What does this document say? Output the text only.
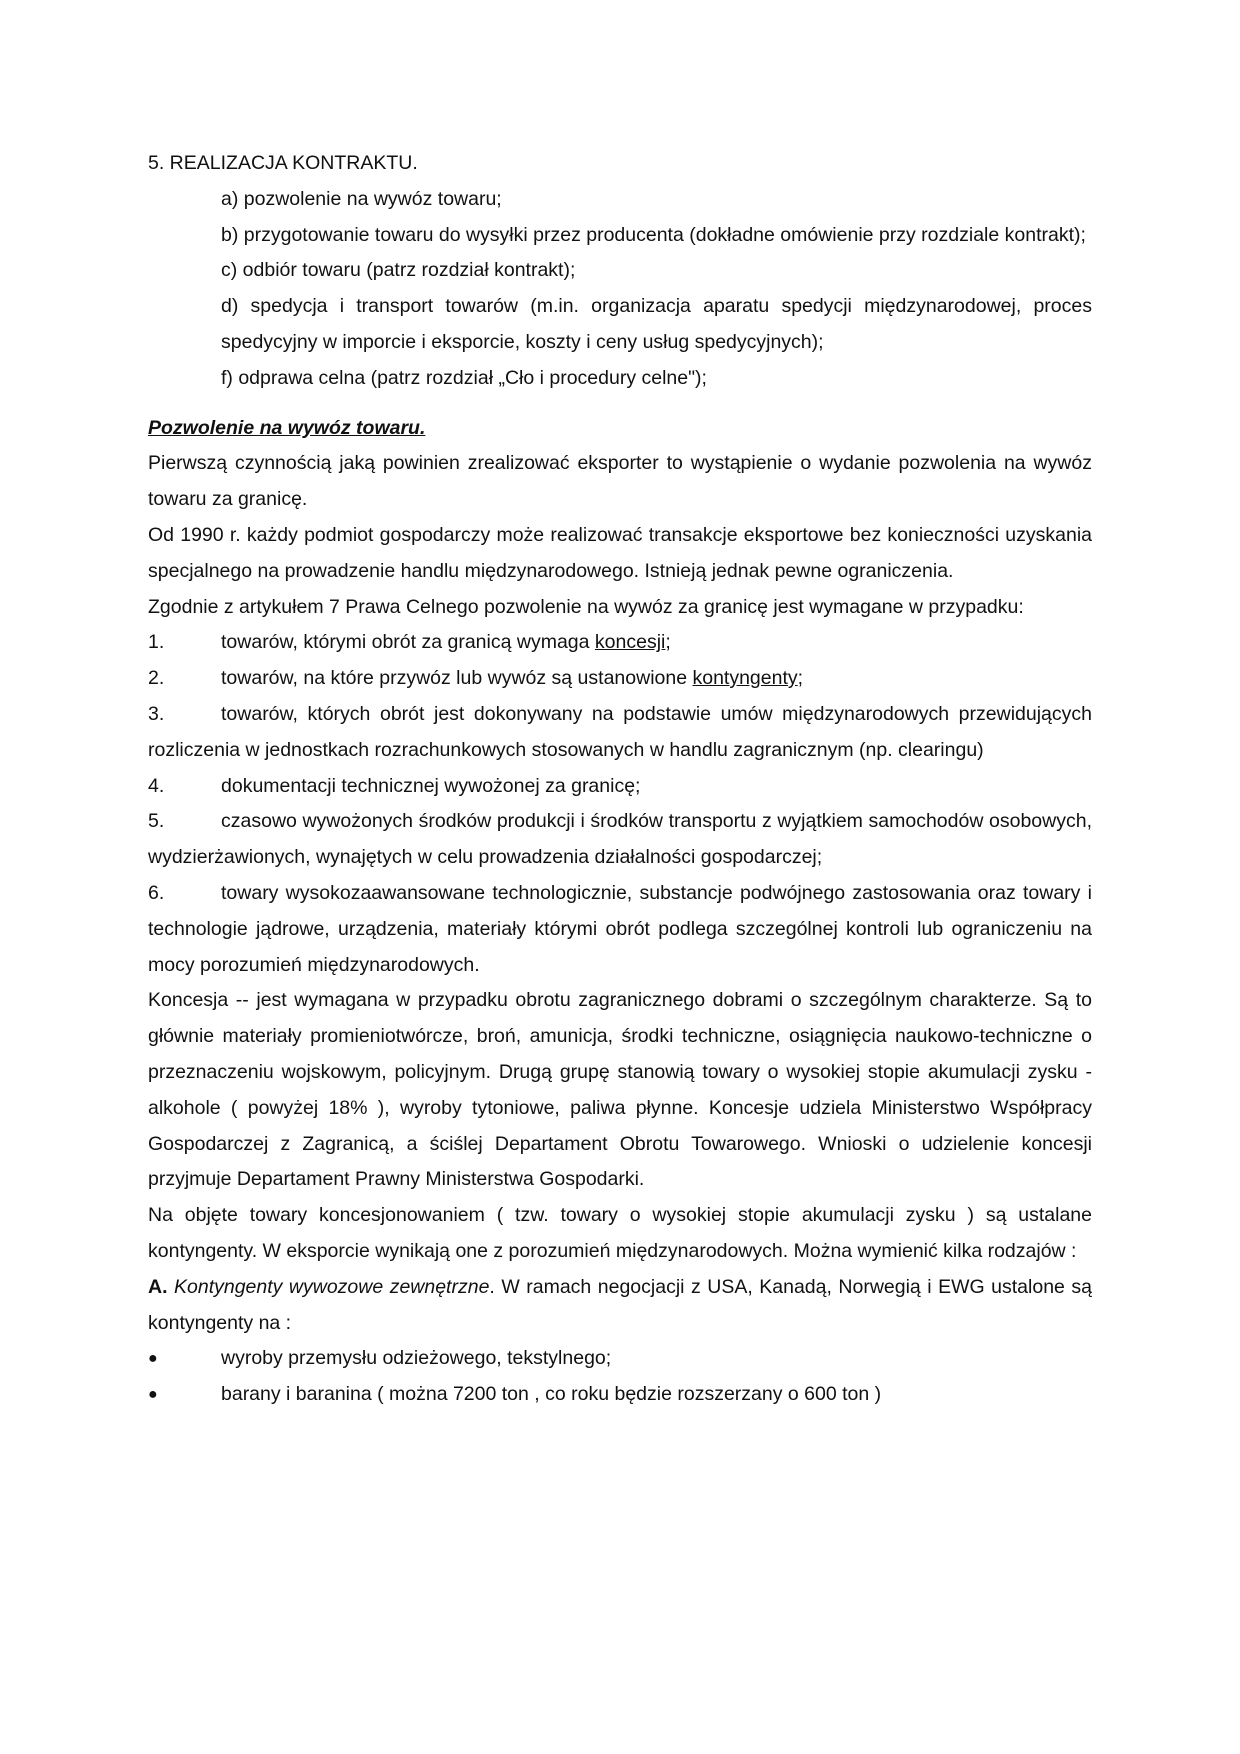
5. REALIZACJA KONTRAKTU.

a) pozwolenie na wywóz towaru;

b) przygotowanie towaru do wysyłki przez producenta (dokładne omówienie przy rozdziale kontrakt);

c) odbiór towaru (patrz rozdział kontrakt);

d) spedycja i transport towarów (m.in. organizacja aparatu spedycji międzynarodowej, proces spedycyjny w imporcie i eksporcie, koszty i ceny usług spedycyjnych);

f) odprawa celna (patrz rozdział „Cło i procedury celne");

Pozwolenie na wywóz towaru.

Pierwszą czynnością jaką powinien zrealizować eksporter to wystąpienie o wydanie pozwolenia na wywóz towaru za granicę.

Od 1990 r. każdy podmiot gospodarczy może realizować transakcje eksportowe bez konieczności uzyskania specjalnego na prowadzenie handlu międzynarodowego. Istnieją jednak pewne ograniczenia.

Zgodnie z artykułem 7 Prawa Celnego pozwolenie na wywóz za granicę jest wymagane w przypadku:

1.	towarów, którymi obrót za granicą wymaga koncesji;
2.	towarów, na które przywóz lub wywóz są ustanowione kontyngenty;

3.	towarów, których obrót jest dokonywany na podstawie umów międzynarodowych przewidujących rozliczenia w jednostkach rozrachunkowych stosowanych w handlu zagranicznym (np. clearingu)

4.	dokumentacji technicznej wywożonej za granicę;

5.	czasowo wywożonych środków produkcji i środków transportu z wyjątkiem samochodów osobowych, wydzierżawionych, wynajętych w celu prowadzenia działalności gospodarczej;

6.	towary wysokozaawansowane technologicznie, substancje podwójnego zastosowania oraz towary i technologie jądrowe, urządzenia, materiały którymi obrót podlega szczególnej kontroli lub ograniczeniu na mocy porozumień międzynarodowych.

Koncesja -- jest wymagana w przypadku obrotu zagranicznego dobrami o szczególnym charakterze. Są to głównie materiały promieniotwórcze, broń, amunicja, środki techniczne, osiągnięcia naukowo-techniczne o przeznaczeniu wojskowym, policyjnym. Drugą grupę stanowią towary o wysokiej stopie akumulacji zysku - alkohole ( powyżej 18% ), wyroby tytoniowe, paliwa płynne. Koncesje udziela Ministerstwo Współpracy Gospodarczej z Zagranicą, a ściślej Departament Obrotu Towarowego. Wnioski o udzielenie koncesji przyjmuje Departament Prawny Ministerstwa Gospodarki.

Na objęte towary koncesjonowaniem ( tzw. towary o wysokiej stopie akumulacji zysku ) są ustalane kontyngenty. W eksporcie wynikają one z porozumień międzynarodowych. Można wymienić kilka rodzajów :

A. Kontyngenty wywozowe zewnętrzne. W ramach negocjacji z USA, Kanadą, Norwegią i EWG ustalone są kontyngenty na :

●	wyroby przemysłu odzieżowego, tekstylnego;
●	barany i baranina ( można 7200 ton , co roku będzie rozszerzany o 600 ton )
